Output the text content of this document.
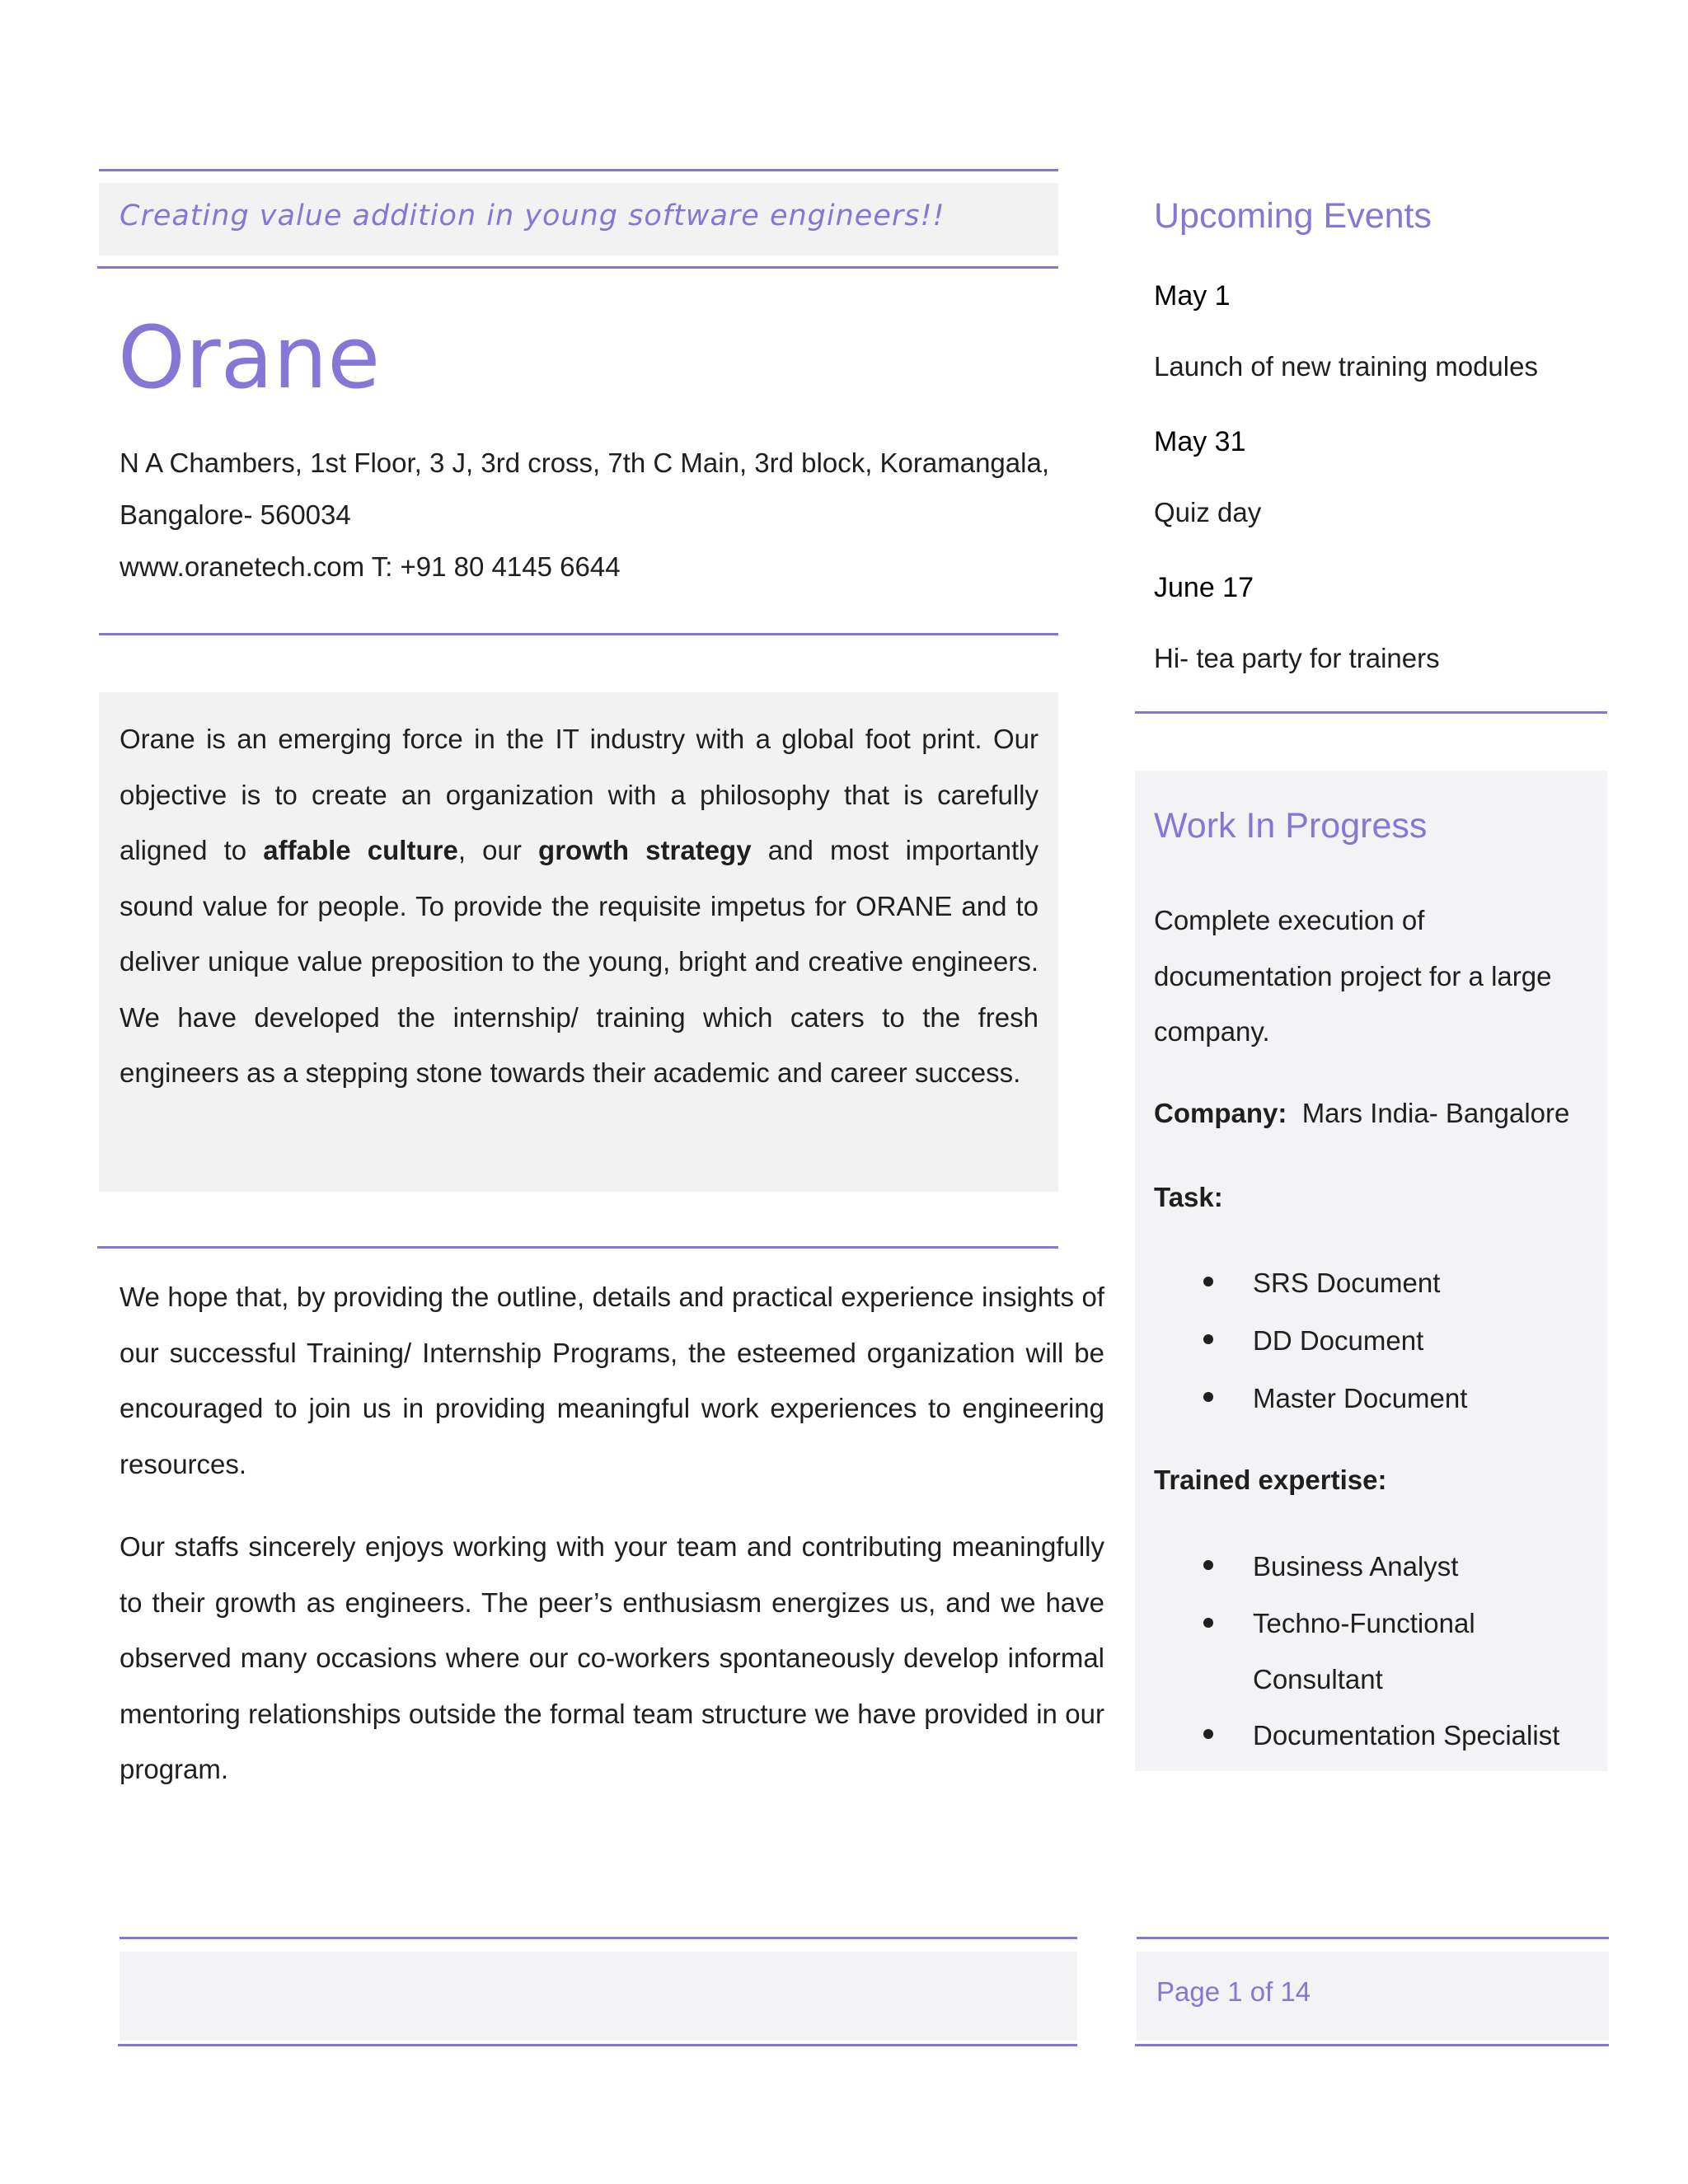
Creating value addition in young software engineers!!
Orane
N A Chambers, 1st Floor, 3 J, 3rd cross, 7th C Main, 3rd block, Koramangala,
Bangalore- 560034
www.oranetech.com T: +91 80 4145 6644

Orane is an emerging force in the IT industry with a global foot print. Our objective is to create an organization with a philosophy that is carefully aligned to affable culture, our growth strategy and most importantly sound value for people. To provide the requisite impetus for ORANE and to deliver unique value preposition to the young, bright and creative engineers. We have developed the internship/ training which caters to the fresh engineers as a stepping stone towards their academic and career success.

We hope that, by providing the outline, details and practical experience insights of our successful Training/ Internship Programs, the esteemed organization will be encouraged to join us in providing meaningful work experiences to engineering resources.

Our staffs sincerely enjoys working with your team and contributing meaningfully to their growth as engineers. The peer’s enthusiasm energizes us, and we have observed many occasions where our co-workers spontaneously develop informal mentoring relationships outside the formal team structure we have provided in our program.

Upcoming Events
May 1
Launch of new training modules
May 31
Quiz day
June 17
Hi- tea party for trainers
Work In Progress

Complete execution of documentation project for a large company.

Company: Mars India- Bangalore
Task:
SRS Document
DD Document
Master Document
Trained expertise:
Business Analyst
Techno-Functional Consultant
Documentation Specialist
Page 1 of 14
